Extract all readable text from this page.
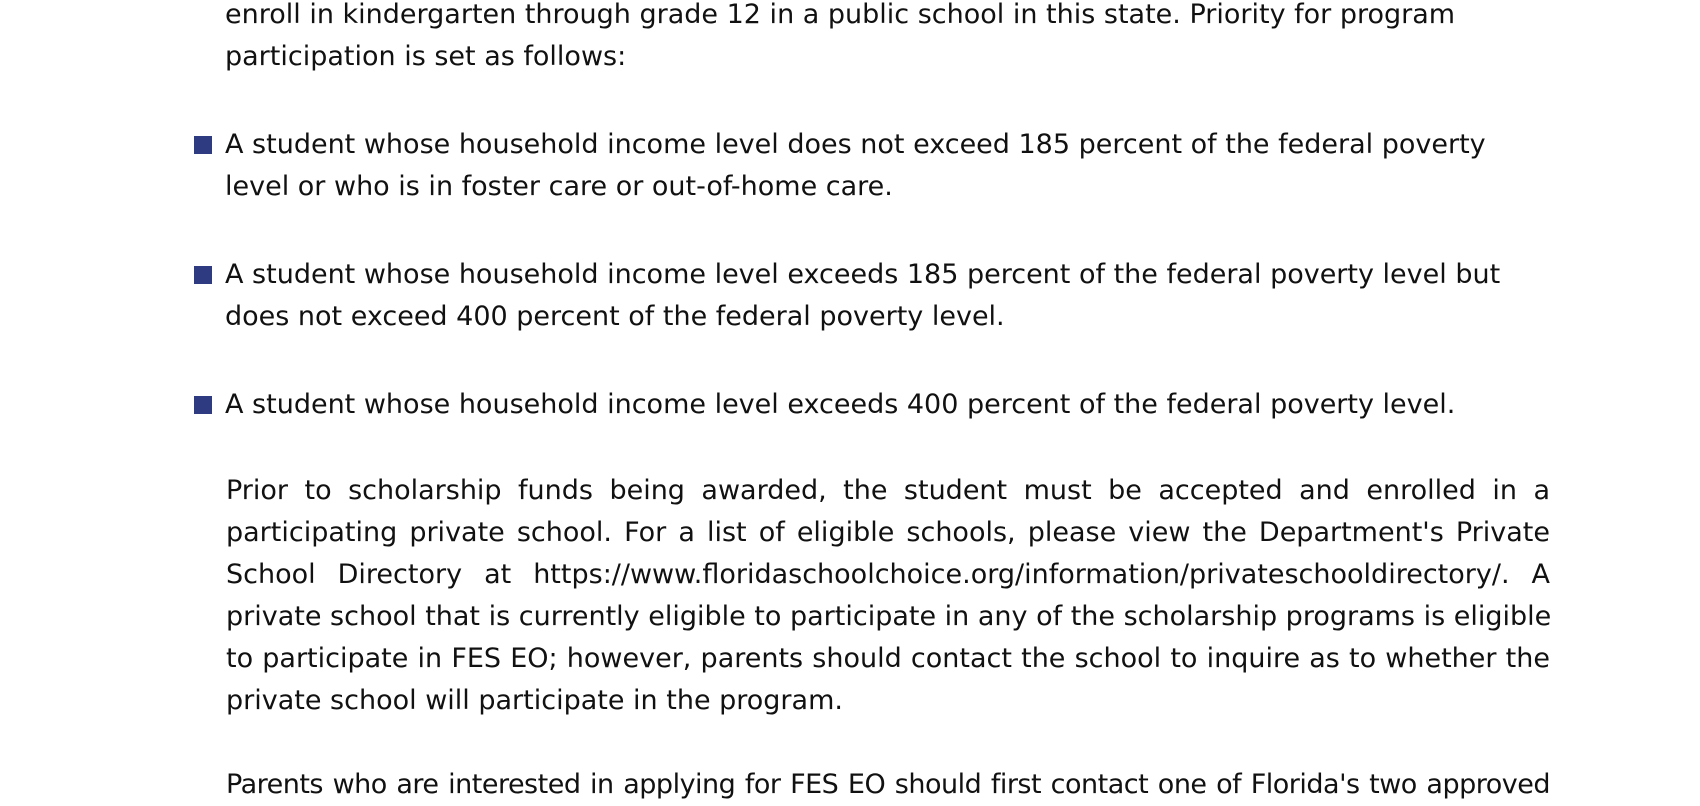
enroll in kindergarten through grade 12 in a public school in this state. Priority for program

participation is set as follows:

A student whose household income level does not exceed 185 percent of the federal poverty

level or who is in foster care or out-of-home care.

A student whose household income level exceeds 185 percent of the federal poverty level but

does not exceed 400 percent of the federal poverty level.

A student whose household income level exceeds 400 percent of the federal poverty level.

Prior to scholarship funds being awarded, the student must be accepted and enrolled in a

participating private school. For a list of eligible schools, please view the Department's Private

School Directory at https://www.floridaschoolchoice.org/information/privateschooldirectory/. A

private school that is currently eligible to participate in any of the scholarship programs is eligible

to participate in FES EO; however, parents should contact the school to inquire as to whether the

private school will participate in the program.

Parents who are interested in applying for FES EO should first contact one of Florida's two approved
